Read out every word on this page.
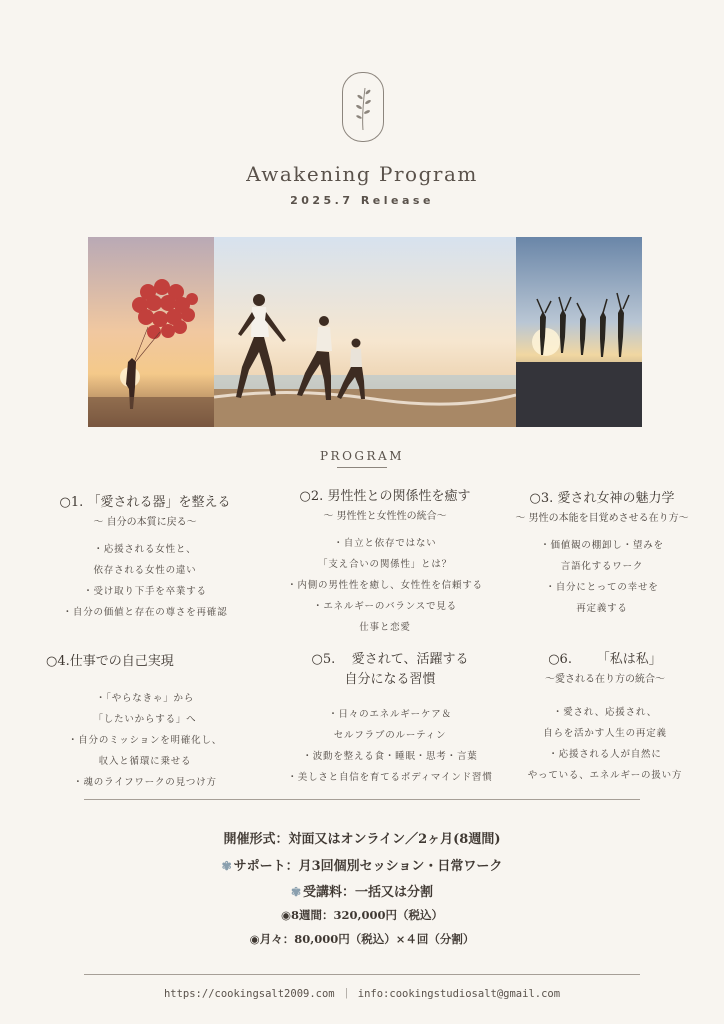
Awakening Program
2025.7 Release
PROGRAM
○1. 「愛される器」を整える
〜 自分の本質に戻る〜
・応援される女性と、
依存される女性の違い
・受け取り下手を卒業する
・自分の価値と存在の尊さを再確認
○2. 男性性との関係性を癒す
〜 男性性と女性性の統合〜
・自立と依存ではない
「支え合いの関係性」とは？
・内側の男性性を癒し、女性性を信頼する
・エネルギーのバランスで見る
仕事と恋愛
○3. 愛され女神の魅力学
〜 男性の本能を目覚めさせる在り方〜
・価値観の棚卸し・望みを
言語化するワーク
・自分にとっての幸せを
再定義する
○4.仕事での自己実現
・「やらなきゃ」から
「したいからする」へ
・自分のミッションを明確化し、
収入と循環に乗せる
・魂のライフワークの見つけ方
○5. 愛されて、活躍する
自分になる習慣
・日々のエネルギーケア＆
セルフラブのルーティン
・波動を整える食・睡眠・思考・言葉
・美しさと自信を育てるボディマインド習慣
○6. 「私は私」
〜愛される在り方の統合〜
・愛され、応援され、
自らを活かす人生の再定義
・応援される人が自然に
やっている、エネルギーの扱い方
開催形式：対面又はオンライン／2ヶ月(8週間)
✾ サポート：月3回個別セッション・日常ワーク
✾ 受講料：一括又は分割
◉8週間：320,000円（税込）
◉月々：80,000円（税込）×４回（分割）
https://cookingsalt2009.com ｜ info:cookingstudiosalt@gmail.com
